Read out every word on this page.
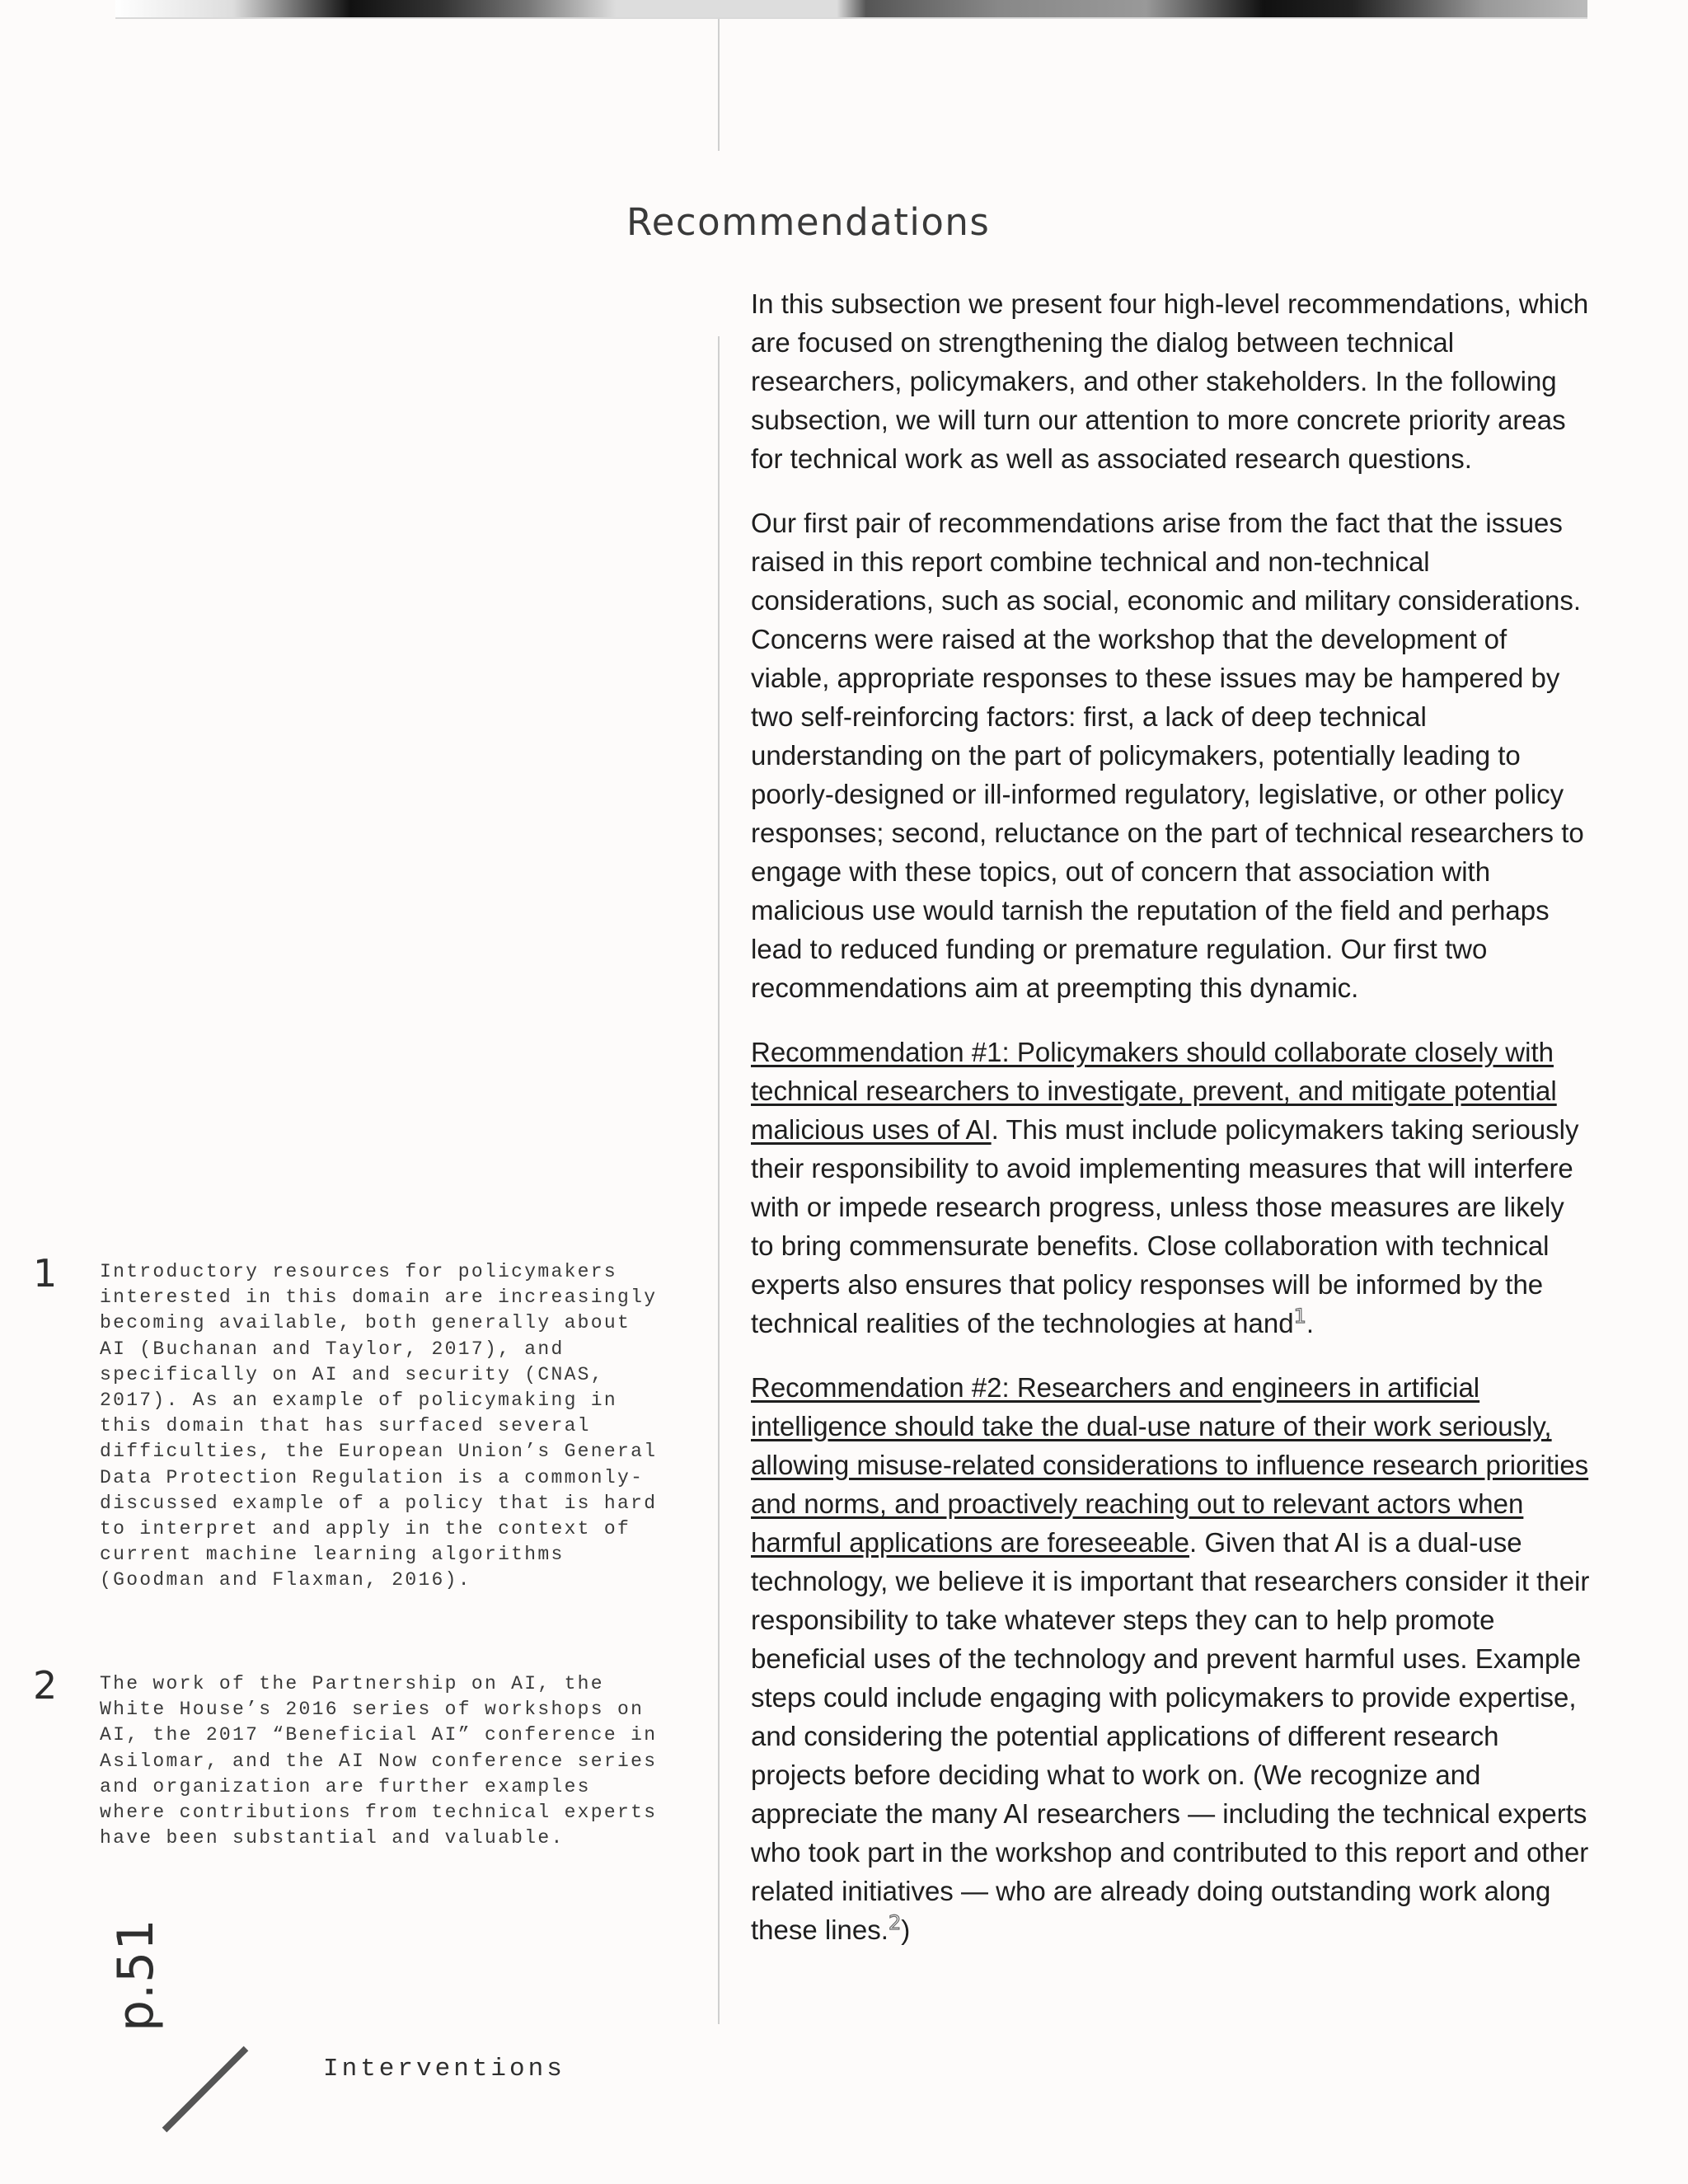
Recommendations

In this subsection we present four high-level recommendations, which are focused on strengthening the dialog between technical researchers, policymakers, and other stakeholders. In the following subsection, we will turn our attention to more concrete priority areas for technical work as well as associated research questions.

Our first pair of recommendations arise from the fact that the issues raised in this report combine technical and non-technical considerations, such as social, economic and military considerations. Concerns were raised at the workshop that the development of viable, appropriate responses to these issues may be hampered by two self-reinforcing factors: first, a lack of deep technical understanding on the part of policymakers, potentially leading to poorly-designed or ill-informed regulatory, legislative, or other policy responses; second, reluctance on the part of technical researchers to engage with these topics, out of concern that association with malicious use would tarnish the reputation of the field and perhaps lead to reduced funding or premature regulation. Our first two recommendations aim at preempting this dynamic.

Recommendation #1: Policymakers should collaborate closely with technical researchers to investigate, prevent, and mitigate potential malicious uses of AI. This must include policymakers taking seriously their responsibility to avoid implementing measures that will interfere with or impede research progress, unless those measures are likely to bring commensurate benefits. Close collaboration with technical experts also ensures that policy responses will be informed by the technical realities of the technologies at hand$^1$.

Recommendation #2: Researchers and engineers in artificial intelligence should take the dual-use nature of their work seriously, allowing misuse-related considerations to influence research priorities and norms, and proactively reaching out to relevant actors when harmful applications are foreseeable. Given that AI is a dual-use technology, we believe it is important that researchers consider it their responsibility to take whatever steps they can to help promote beneficial uses of the technology and prevent harmful uses. Example steps could include engaging with policymakers to provide expertise, and considering the potential applications of different research projects before deciding what to work on. (We recognize and appreciate the many AI researchers — including the technical experts who took part in the workshop and contributed to this report and other related initiatives — who are already doing outstanding work along these lines.$^2$)

1 Introductory resources for policymakers interested in this domain are increasingly becoming available, both generally about AI (Buchanan and Taylor, 2017), and specifically on AI and security (CNAS, 2017). As an example of policymaking in this domain that has surfaced several difficulties, the European Union’s General Data Protection Regulation is a commonly-discussed example of a policy that is hard to interpret and apply in the context of current machine learning algorithms (Goodman and Flaxman, 2016).
2 The work of the Partnership on AI, the White House’s 2016 series of workshops on AI, the 2017 “Beneficial AI” conference in Asilomar, and the AI Now conference series and organization are further examples where contributions from technical experts have been substantial and valuable.
p.51
Interventions
